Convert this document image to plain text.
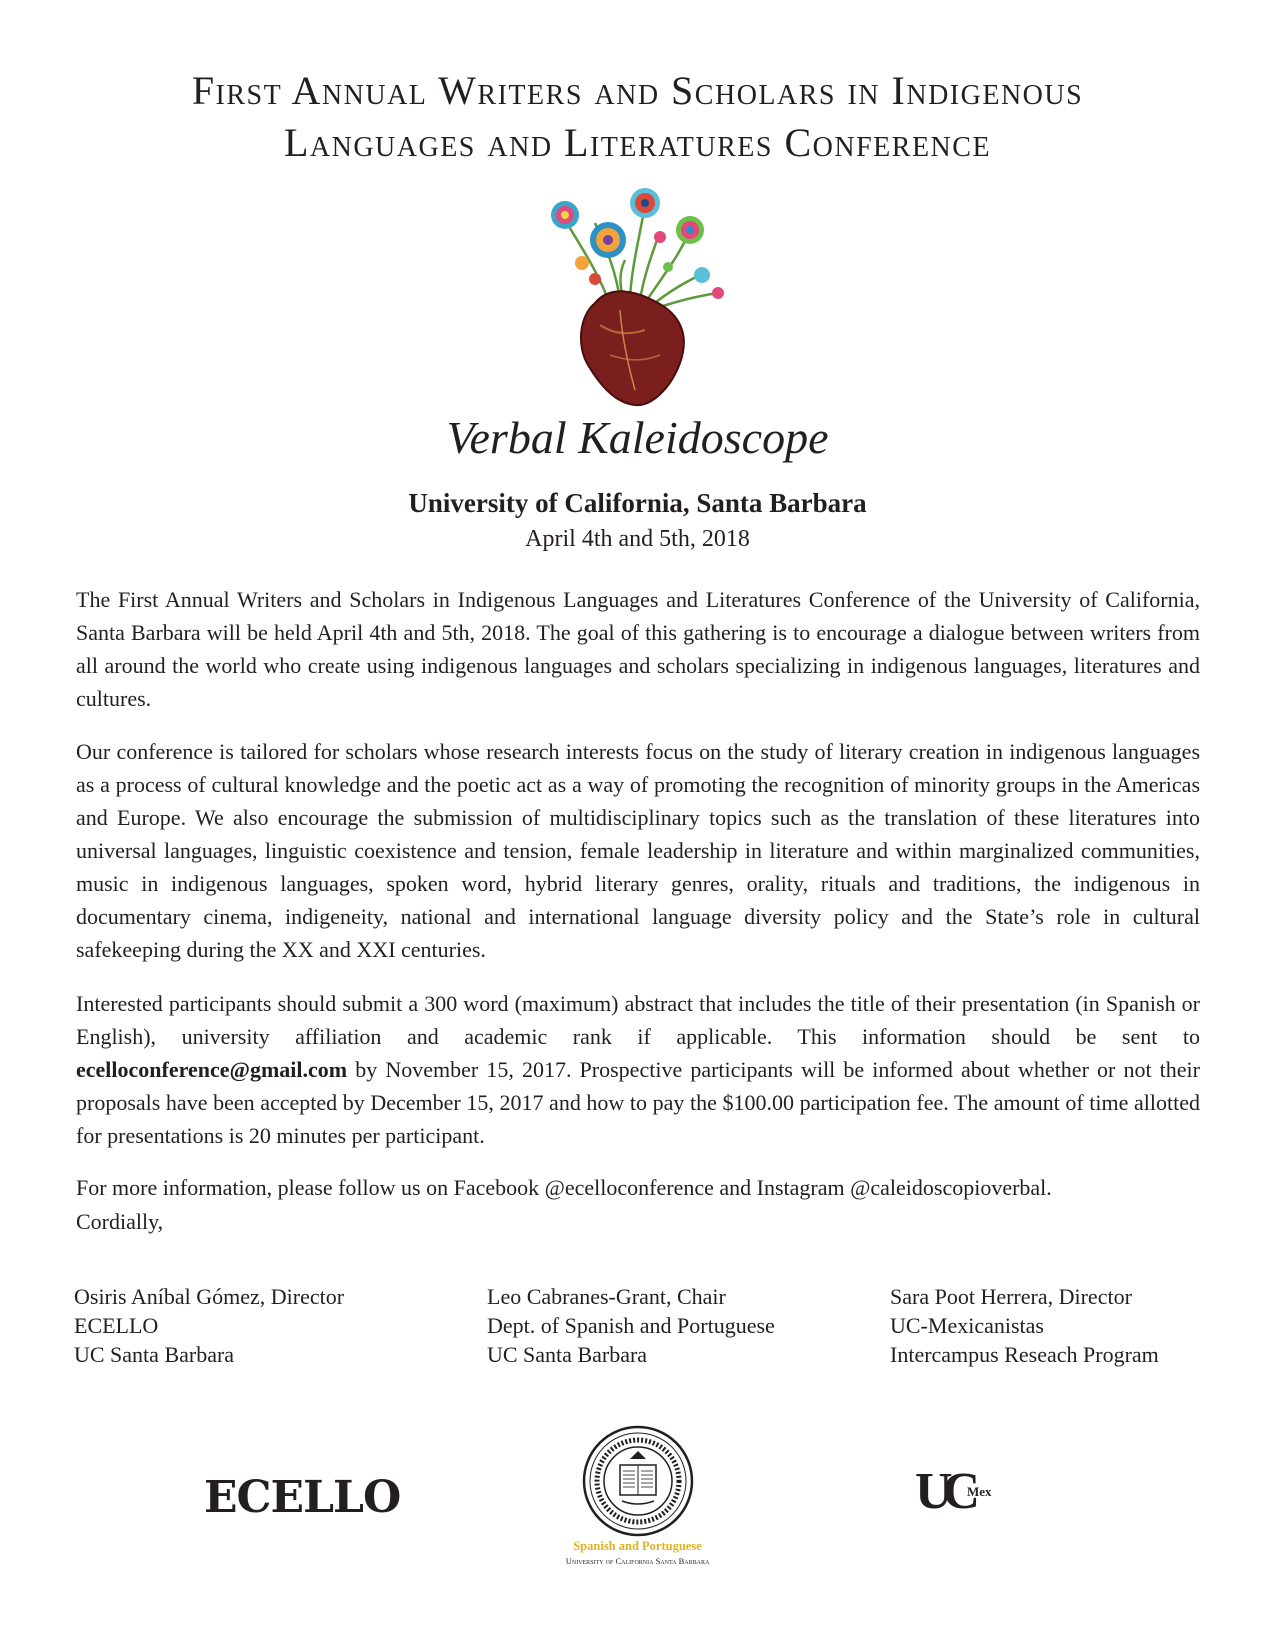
First Annual Writers and Scholars in Indigenous
Languages and Literatures Conference
Verbal Kaleidoscope
University of California, Santa Barbara
April 4th and 5th, 2018

The First Annual Writers and Scholars in Indigenous Languages and Literatures Conference of the University of California, Santa Barbara will be held April 4th and 5th, 2018. The goal of this gathering is to encourage a dialogue between writers from all around the world who create using indigenous languages and scholars specializing in indigenous languages, literatures and cultures.

Our conference is tailored for scholars whose research interests focus on the study of literary creation in indigenous languages as a process of cultural knowledge and the poetic act as a way of promoting the recognition of minority groups in the Americas and Europe. We also encourage the submission of multidisciplinary topics such as the translation of these literatures into universal languages, linguistic coexistence and tension, female leadership in literature and within marginalized communities, music in indigenous languages, spoken word, hybrid literary genres, orality, rituals and traditions, the indigenous in documentary cinema, indigeneity, national and international language diversity policy and the State’s role in cultural safekeeping during the XX and XXI centuries.

Interested participants should submit a 300 word (maximum) abstract that includes the title of their presentation (in Spanish or English), university affiliation and academic rank if applicable. This information should be sent to ecelloconference@gmail.com by November 15, 2017. Prospective participants will be informed about whether or not their proposals have been accepted by December 15, 2017 and how to pay the $100.00 participation fee. The amount of time allotted for presentations is 20 minutes per participant.

For more information, please follow us on Facebook @ecelloconference and Instagram @caleidoscopioverbal.

Cordially,

Osiris Aníbal Gómez, Director
ECELLO
UC Santa Barbara
Leo Cabranes-Grant, Chair
Dept. of Spanish and Portuguese
UC Santa Barbara
Sara Poot Herrera, Director
UC-Mexicanistas
Intercampus Reseach Program
ECELLO
Spanish and Portuguese
University of California Santa Barbara
UC
Mex
